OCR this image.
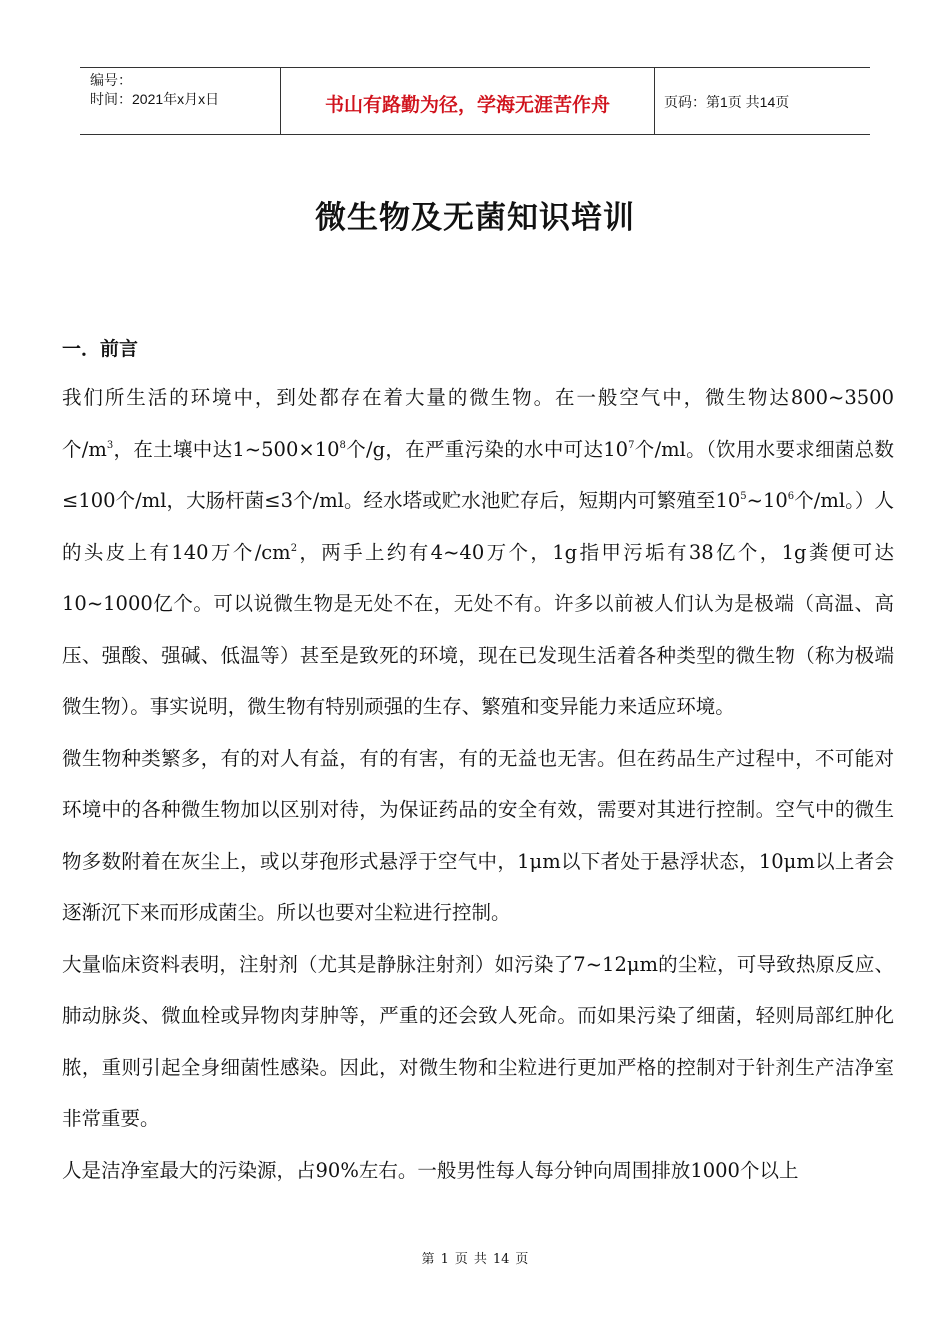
编号：
时间：2021年x月x日	书山有路勤为径，学海无涯苦作舟	页码：第1页 共14页
微生物及无菌知识培训
一．前言

我们所生活的环境中，到处都存在着大量的微生物。在一般空气中，微生物达800~3500个$/m^3$，在土壤中达$1\sim 500\times 10^8$个/g，在严重污染的水中可达$10^7$个/ml。（饮用水要求细菌总数≤100个/ml，大肠杆菌≤3个/ml。经水塔或贮水池贮存后，短期内可繁殖至$10^5\sim 10^6$个/ml。）人的头皮上有140万个$/cm^2$，两手上约有4~40万个，1g指甲污垢有38亿个，1g粪便可达10~1000亿个。可以说微生物是无处不在，无处不有。许多以前被人们认为是极端（高温、高压、强酸、强碱、低温等）甚至是致死的环境，现在已发现生活着各种类型的微生物（称为极端微生物）。事实说明，微生物有特别顽强的生存、繁殖和变异能力来适应环境。

微生物种类繁多，有的对人有益，有的有害，有的无益也无害。但在药品生产过程中，不可能对环境中的各种微生物加以区别对待，为保证药品的安全有效，需要对其进行控制。空气中的微生物多数附着在灰尘上，或以芽孢形式悬浮于空气中，1μm以下者处于悬浮状态，10μm以上者会逐渐沉下来而形成菌尘。所以也要对尘粒进行控制。

大量临床资料表明，注射剂（尤其是静脉注射剂）如污染了7~12μm的尘粒，可导致热原反应、肺动脉炎、微血栓或异物肉芽肿等，严重的还会致人死命。而如果污染了细菌，轻则局部红肿化脓，重则引起全身细菌性感染。因此，对微生物和尘粒进行更加严格的控制对于针剂生产洁净室非常重要。

人是洁净室最大的污染源，占90%左右。一般男性每人每分钟向周围排放1000个以上

第 1 页 共 14 页
